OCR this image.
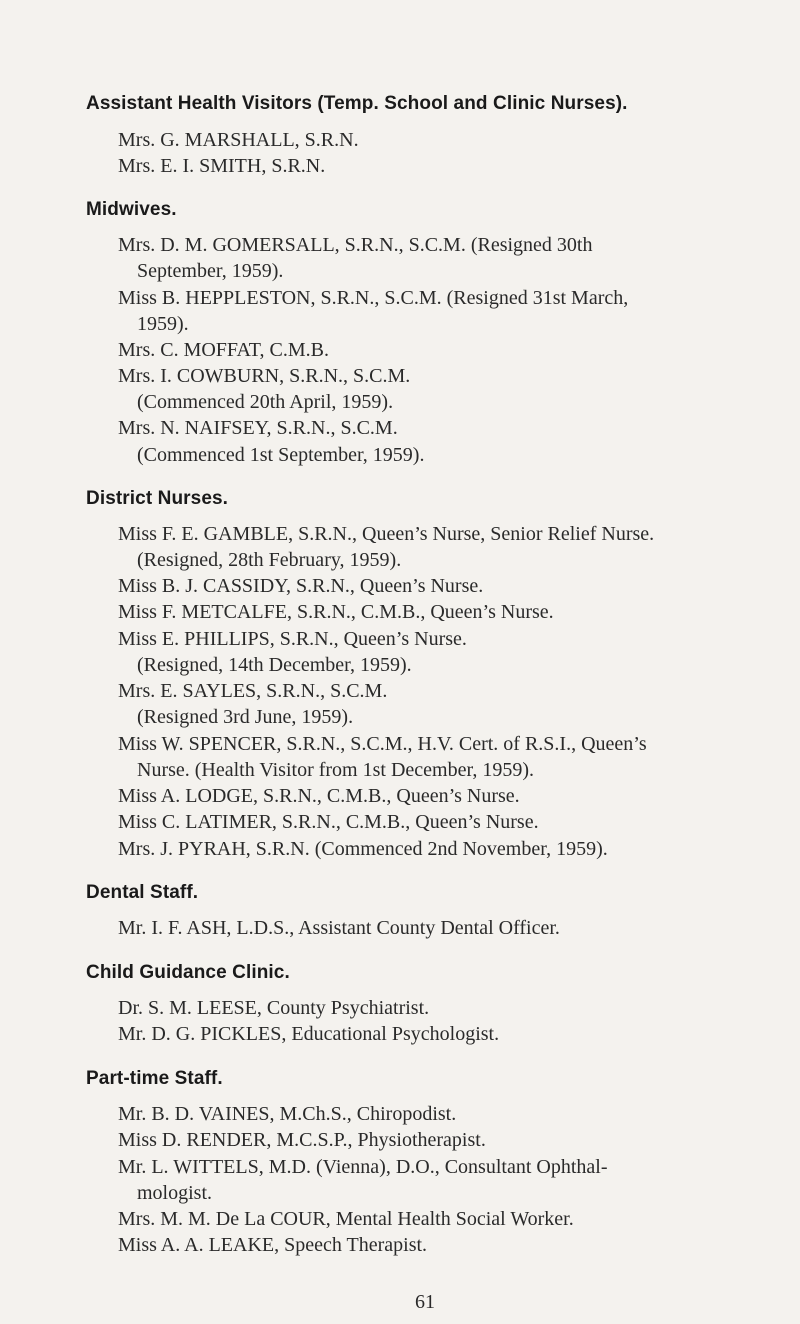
Assistant Health Visitors (Temp. School and Clinic Nurses).
Mrs. G. MARSHALL, S.R.N.
Mrs. E. I. SMITH, S.R.N.
Midwives.
Mrs. D. M. GOMERSALL, S.R.N., S.C.M. (Resigned 30th
September, 1959).
Miss B. HEPPLESTON, S.R.N., S.C.M. (Resigned 31st March,
1959).
Mrs. C. MOFFAT, C.M.B.
Mrs. I. COWBURN, S.R.N., S.C.M.
(Commenced 20th April, 1959).
Mrs. N. NAIFSEY, S.R.N., S.C.M.
(Commenced 1st September, 1959).
District Nurses.
Miss F. E. GAMBLE, S.R.N., Queen’s Nurse, Senior Relief Nurse.
(Resigned, 28th February, 1959).
Miss B. J. CASSIDY, S.R.N., Queen’s Nurse.
Miss F. METCALFE, S.R.N., C.M.B., Queen’s Nurse.
Miss E. PHILLIPS, S.R.N., Queen’s Nurse.
(Resigned, 14th December, 1959).
Mrs. E. SAYLES, S.R.N., S.C.M.
(Resigned 3rd June, 1959).
Miss W. SPENCER, S.R.N., S.C.M., H.V. Cert. of R.S.I., Queen’s
Nurse. (Health Visitor from 1st December, 1959).
Miss A. LODGE, S.R.N., C.M.B., Queen’s Nurse.
Miss C. LATIMER, S.R.N., C.M.B., Queen’s Nurse.
Mrs. J. PYRAH, S.R.N. (Commenced 2nd November, 1959).
Dental Staff.
Mr. I. F. ASH, L.D.S., Assistant County Dental Officer.
Child Guidance Clinic.
Dr. S. M. LEESE, County Psychiatrist.
Mr. D. G. PICKLES, Educational Psychologist.
Part-time Staff.
Mr. B. D. VAINES, M.Ch.S., Chiropodist.
Miss D. RENDER, M.C.S.P., Physiotherapist.
Mr. L. WITTELS, M.D. (Vienna), D.O., Consultant Ophthal-
mologist.
Mrs. M. M. De La COUR, Mental Health Social Worker.
Miss A. A. LEAKE, Speech Therapist.
61
